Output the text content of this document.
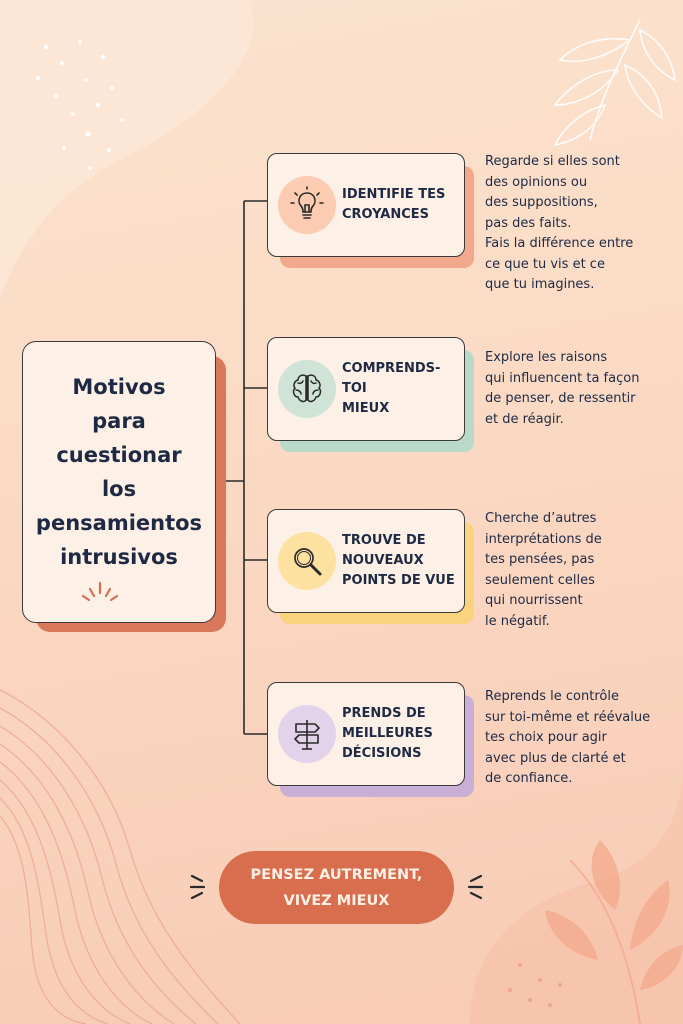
Motivos
para
cuestionar
los
pensamientos
intrusivos
IDENTIFIE TES
CROYANCES
Regarde si elles sont
des opinions ou
des suppositions,
pas des faits.
Fais la différence entre
ce que tu vis et ce
que tu imagines.
COMPRENDS-TOI
MIEUX
Explore les raisons
qui influencent ta façon
de penser, de ressentir
et de réagir.
TROUVE DE
NOUVEAUX
POINTS DE VUE
Cherche d’autres
interprétations de
tes pensées, pas
seulement celles
qui nourrissent
le négatif.
PRENDS DE
MEILLEURES
DÉCISIONS
Reprends le contrôle
sur toi-même et réévalue
tes choix pour agir
avec plus de clarté et
de confiance.
PENSEZ AUTREMENT,
VIVEZ MIEUX
